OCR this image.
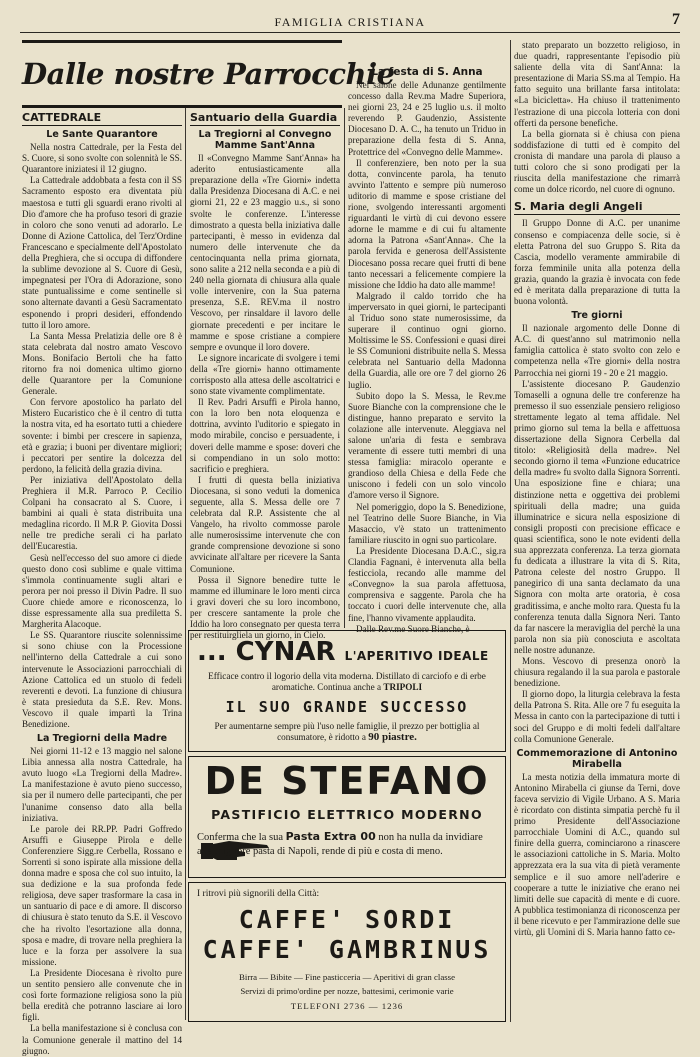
FAMIGLIA CRISTIANA	7
Dalle nostre Parrocchie
CATTEDRALE
Le Sante Quarantore

Nella nostra Cattedrale, per la Festa del S. Cuore, si sono svolte con solennità le SS. Quarantore iniziatesi il 12 giugno.

La Cattedrale addobbata a festa con il SS Sacramento esposto era diventata più maestosa e tutti gli sguardi erano rivolti al Dio d'amore che ha profuso tesori di grazie in coloro che sono venuti ad adorarlo. Le Donne di Azione Cattolica, del Terz'Ordine Francescano e specialmente dell'Apostolato della Preghiera, che si occupa di diffondere la sublime devozione al S. Cuore di Gesù, impegnatesi per l'Ora di Adorazione, sono state puntualissime e come sentinelle si sono alternate davanti a Gesù Sacramentato esponendo i propri desideri, effondendo tutto il loro amore.

La Santa Messa Prelatizia delle ore 8 è stata celebrata dal nostro amato Vescovo Mons. Bonifacio Bertoli che ha fatto ritorno fra noi domenica ultimo giorno delle Quarantore per la Comunione Generale.

Con fervore apostolico ha parlato del Mistero Eucaristico che è il centro di tutta la nostra vita, ed ha esortato tutti a chiedere sovente: i bimbi per crescere in sapienza, età e grazia; i buoni per diventare migliori; i peccatori per sentire la dolcezza del perdono, la felicità della grazia divina.

Per iniziativa dell'Apostolato della Preghiera il M.R. Parroco P. Cecilio Colpani ha consacrato al S. Cuore, i bambini ai quali è stata distribuita una medaglina ricordo. Il M.R P. Giovita Dossi nelle tre prediche serali ci ha parlato dell'Eucarestia.

Gesù nell'eccesso del suo amore ci diede questo dono così sublime e quale vittima s'immola continuamente sugli altari e perora per noi presso il Divin Padre. Il suo Cuore chiede amore e riconoscenza, lo disse espressamente alla sua prediletta S. Margherita Alacoque.

Le SS. Quarantore riuscite solennissime si sono chiuse con la Processione nell'interno della Cattedrale a cui sono intervenute le Associazioni parrocchiali di Azione Cattolica ed un stuolo di fedeli reverenti e devoti. La funzione di chiusura è stata presieduta da S.E. Rev. Mons. Vescovo il quale impartì la Trina Benedizione.

La Tregiorni della Madre

Nei giorni 11-12 e 13 maggio nel salone Libia annessa alla nostra Cattedrale, ha avuto luogo «La Tregiorni della Madre». La manifestazione è avuto pieno successo, sia per il numero delle partecipanti, che per l'unanime consenso dato alla bella iniziativa.

Le parole dei RR.PP. Padri Goffredo Arsuffi e Giuseppe Pirola e delle Conferenziere Sigg.re Cerbella, Rossano e Sorrenti si sono ispirate alla missione della donna madre e sposa che col suo intuito, la sua dedizione e la sua profonda fede religiosa, deve saper trasformare la casa in un santuario di pace e di amore. Il discorso di chiusura è stato tenuto da S.E. il Vescovo che ha rivolto l'esortazione alla donna, sposa e madre, di trovare nella preghiera la luce e la forza per assolvere la sua missione.

La Presidente Diocesana è rivolto pure un sentito pensiero alle convenute che in così forte formazione religiosa sono la più bella eredità che potranno lasciare ai loro figli.

La bella manifestazione si è conclusa con la Comunione generale il mattino del 14 giugno.

Santuario della Guardia
La Tregiorni al Convegno Mamme Sant'Anna

Il «Convegno Mamme Sant'Anna» ha aderito entusiasticamente alla preparazione della «Tre Giorni» indetta dalla Presidenza Diocesana di A.C. e nei giorni 21, 22 e 23 maggio u.s., si sono svolte le conferenze. L'interesse dimostrato a questa bella iniziativa dalle partecipanti, è messo in evidenza dal numero delle intervenute che da centocinquanta nella prima giornata, sono salite a 212 nella seconda e a più di 240 nella giornata di chiusura alla quale volle intervenire, con la Sua paterna presenza, S.E. REV.ma il nostro Vescovo, per rinsaldare il lavoro delle giornate precedenti e per incitare le mamme e spose cristiane a compiere sempre e ovunque il loro dovere.

Le signore incaricate di svolgere i temi della «Tre giorni» hanno ottimamente corrisposto alla attesa delle ascoltatrici e sono state vivamente complimentate.

Il Rev. Padri Arsuffi e Pirola hanno, con la loro ben nota eloquenza e dottrina, avvinto l'uditorio e spiegato in modo mirabile, conciso e persuadente, i doveri delle mamme e spose: doveri che si compendiano in un solo motto: sacrificio e preghiera.

I frutti di questa bella iniziativa Diocesana, si sono veduti la domenica seguente, alla S. Messa delle ore 7 celebrata dal R.P. Assistente che al Vangelo, ha rivolto commosse parole alle numerosissime intervenute che con grande comprensione devozione si sono avvicinate all'altare per ricevere la Santa Comunione.

Possa il Signore benedire tutte le mamme ed illuminare le loro menti circa i gravi doveri che su loro incombono, per crescere santamente la prole che Iddio ha loro consegnato per questa terra per restituirgliela un giorno, in Cielo.

La festa di S. Anna

Nel salone delle Adunanze gentilmente concesso dalla Rev.ma Madre Superiora, nei giorni 23, 24 e 25 luglio u.s. il molto reverendo P. Gaudenzio, Assistente Diocesano D. A. C., ha tenuto un Triduo in preparazione della festa di S. Anna, Protettrice del «Convegno delle Mamme».

Il conferenziere, ben noto per la sua dotta, convincente parola, ha tenuto avvinto l'attento e sempre più numeroso uditorio di mamme e spose cristiane del rione, svolgendo interessanti argomenti riguardanti le virtù di cui devono essere adorne le mamme e di cui fu altamente adorna la Patrona «Sant'Anna». Che la parola fervida e generosa dell'Assistente Diocesano possa recare quei frutti di bene tanto necessari a felicemente compiere la missione che Iddio ha dato alle mamme!

Malgrado il caldo torrido che ha imperversato in quei giorni, le partecipanti al Triduo sono state numerosissime, da superare il continuo ogni giorno. Moltissime le SS. Confessioni e quasi direi le SS Comunioni distribuite nella S. Messa celebrata nel Santuario della Madonna della Guardia, alle ore ore 7 del giorno 26 luglio.

Subito dopo la S. Messa, le Rev.me Suore Bianche con la comprensione che le distingue, hanno preparato e servito la colazione alle intervenute. Aleggiava nel salone un'aria di festa e sembrava veramente di essere tutti membri di una stessa famiglia: miracolo operante e grandioso della Chiesa e della Fede che uniscono i fedeli con un solo vincolo d'amore verso il Signore.

Nel pomeriggio, dopo la S. Benedizione, nel Teatrino delle Suore Bianche, in Via Masaccio, v'è stato un trattenimento familiare riuscito in ogni suo particolare.

La Presidente Diocesana D.A.C., sig.ra Clandia Fagnani, è intervenuta alla bella festicciola, recando alle mamme del «Convegno» la sua parola affettuosa, comprensiva e saggente. Parola che ha toccato i cuori delle intervenute che, alla fine, l'hanno vivamente applaudita.

Dalle Rev.me Suore Bianche, è

stato preparato un bozzetto religioso, in due quadri, rappresentante l'episodio più saliente della vita di Sant'Anna: la presentazione di Maria SS.ma al Tempio. Ha fatto seguito una brillante farsa intitolata: «La bicicletta». Ha chiuso il trattenimento l'estrazione di una piccola lotteria con doni offerti da persone benefiche.

La bella giornata si è chiusa con piena soddisfazione di tutti ed è compito del cronista di mandare una parola di plauso a tutti coloro che si sono prodigati per la riuscita della manifestazione che rimarrà come un dolce ricordo, nel cuore di ognuno.

S. Maria degli Angeli

Il Gruppo Donne di A.C. per unanime consenso e compiacenza delle socie, si è eletta Patrona del suo Gruppo S. Rita da Cascia, modello veramente ammirabile di forza femminile unita alla potenza della grazia, quando la grazia è invocata con fede ed è meritata dalla preparazione di tutta la buona volontà.

Tre giorni

Il nazionale argomento delle Donne di A.C. di quest'anno sul matrimonio nella famiglia cattolica è stato svolto con zelo e competenza nella «Tre giorni» della nostra Parrocchia nei giorni 19 - 20 e 21 maggio.

L'assistente diocesano P. Gaudenzio Tomaselli a ognuna delle tre conferenze ha premesso il suo essenziale pensiero religioso strettamente legato al tema affidale. Nel primo giorno sul tema la bella e affettuosa dissertazione della Signora Cerbella dal titolo: «Religiosità della madre». Nel secondo giorno il tema «Funzione educatrice della madre» fu svolto dalla Signora Sorrenti. Una esposizione fine e chiara; una distinzione netta e oggettiva dei problemi spirituali della madre; una guida illuminatrice e sicura nella esposizione di consigli proposti con precisione efficace e quasi scientifica, sono le note evidenti della sua apprezzata conferenza. La terza giornata fu dedicata a illustrare la vita di S. Rita, Patrona celeste del nostro Gruppo. Il panegirico di una santa declamato da una Signora con molta arte oratoria, è cosa graditissima, e anche molto rara. Questa fu la conferenza tenuta dalla Signora Neri. Tanto da far nascere la meraviglia del perchè la una parola non sia più conosciuta e ascoltata nelle nostre adunanze.

Mons. Vescovo di presenza onorò la chiusura regalando il la sua parola e pastorale benedizione.

Il giorno dopo, la liturgia celebrava la festa della Patrona S. Rita. Alle ore 7 fu eseguita la Messa in canto con la partecipazione di tutti i soci del Gruppo e di molti fedeli dall'altare colla Comunione Generale.

Commemorazione di Antonino Mirabella

La mesta notizia della immatura morte di Antonino Mirabella ci giunse da Terni, dove faceva servizio di Vigile Urbano. A S. Maria è ricordato con distinta simpatia perchè fu il primo Presidente dell'Associazione parrocchiale Uomini di A.C., quando sul finire della guerra, cominciarono a rinascere le associazioni cattoliche in S. Maria. Molto apprezzata era la sua vita di pietà veramente semplice e il suo amore nell'aderire e cooperare a tutte le iniziative che erano nei limiti delle sue capacità di mente e di cuore. A pubblica testimonianza di riconoscenza per il bene ricevuto e per l'ammirazione delle sue virtù, gli Uomini di S. Maria hanno fatto ce-

... CYNAR L'APERITIVO IDEALE
Efficace contro il logorio della vita moderna. Distillato di carciofo e di erbe aromatiche. Continua anche a TRIPOLI
IL SUO GRANDE SUCCESSO
Per aumentarne sempre più l'uso nelle famiglie, il prezzo per bottiglia al consumatore, è ridotto a 90 piastre.
DE STEFANO
PASTIFICIO ELETTRICO MODERNO
Conferma che la sua Pasta Extra 00 non ha nulla da invidiare alla migliore pasta di Napoli, rende di più e costa di meno.
I ritrovi più signorili della Città:
CAFFE' SORDI
CAFFE' GAMBRINUS
Birra — Bibite — Fine pasticceria — Aperitivi di gran classe
Servizi di primo'ordine per nozze, battesimi, cerimonie varie
TELEFONI 2736 — 1236
